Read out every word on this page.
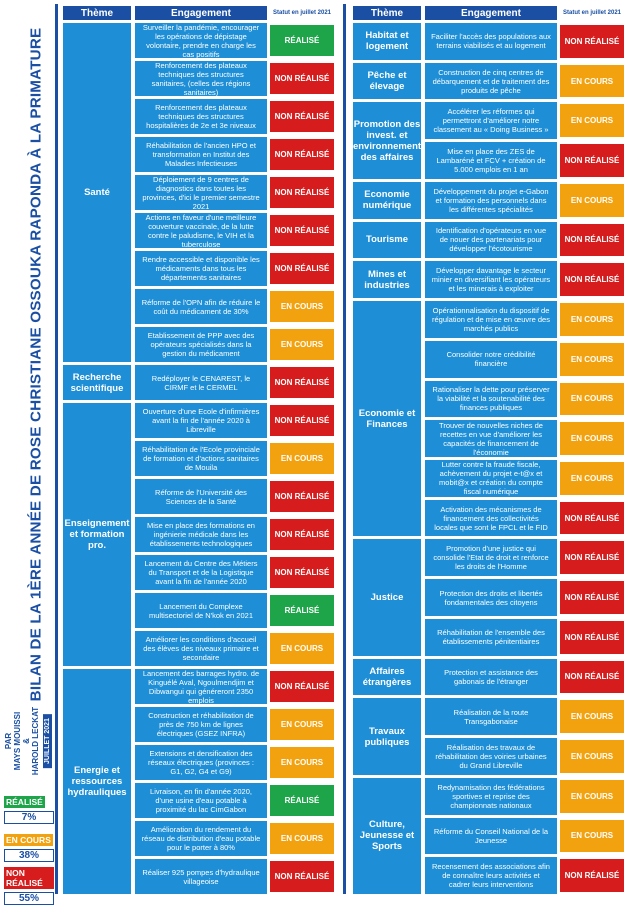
BILAN DE LA 1ÈRE ANNÉE DE ROSE CHRISTIANE OSSOUKA RAPONDA À LA PRIMATURE
PAR MAYS MOUISSI & HAROLD LECKAT JUILLET 2021
RÉALISÉ
7%
EN COURS
38%
NON RÉALISÉ
55%
Thème	Engagement	Statut en juillet 2021	Thème	Engagement	Statut en juillet 2021
Santé
Surveiller la pandémie, encourager les opérations de dépistage volontaire, prendre en charge les cas positifs
RÉALISÉ
Renforcement des plateaux techniques des structures sanitaires, (celles des régions sanitaires)
NON RÉALISÉ
Renforcement des plateaux techniques des structures hospitalières de 2e et 3e niveaux
NON RÉALISÉ
Réhabilitation de l'ancien HPO et transformation en Institut des Maladies Infectieuses
NON RÉALISÉ
Déploiement de 9 centres de diagnostics dans toutes les provinces, d'ici le premier semestre 2021
NON RÉALISÉ
Actions en faveur d'une meilleure couverture vaccinale, de la lutte contre le paludisme, le VIH et la tuberculose
NON RÉALISÉ
Rendre accessible et disponible les médicaments dans tous les départements sanitaires
NON RÉALISÉ
Réforme de l'OPN afin de réduire le coût du médicament de 30%	EN COURS
Etablissement de PPP avec des opérateurs spécialisés dans la gestion du médicament
EN COURS
Recherche scientifique
Redéployer le CENAREST, le CIRMF et le CERMEL	NON RÉALISÉ
Enseignement et formation pro.
Ouverture d'une Ecole d'infirmières avant la fin de l'année 2020 à Libreville
NON RÉALISÉ
Réhabilitation de l'Ecole provinciale de formation et d'actions sanitaires de Mouila
EN COURS
Réforme de l'Université des Sciences de la Santé	NON RÉALISÉ
Mise en place des formations en ingénierie médicale dans les établissements technologiques
NON RÉALISÉ
Lancement du Centre des Métiers du Transport et de la Logistique avant la fin de l'année 2020
NON RÉALISÉ
Lancement du Complexe multisectoriel de N'kok en 2021	RÉALISÉ
Améliorer les conditions d'accueil des élèves des niveaux primaire et secondaire
EN COURS
Energie et ressources hydrauliques
Lancement des barrages hydro. de Kinguélé Aval, Ngoulmendjim et Dibwangui qui généreront 2350 emplois
NON RÉALISÉ
Construction et réhabilitation de près de 750 km de lignes électriques (GSEZ INFRA)
EN COURS
Extensions et densification des réseaux électriques (provinces : G1, G2, G4 et G9)
EN COURS
Livraison, en fin d'année 2020, d'une usine d'eau potable à proximité du lac CimGabon
RÉALISÉ
Amélioration du rendement du réseau de distribution d'eau potable pour le porter à 80%
EN COURS
Réaliser 925 pompes d'hydraulique villageoise	NON RÉALISÉ
Habitat et logement
Faciliter l'accès des populations aux terrains viabilisés et au logement	NON RÉALISÉ
Pêche et élevage
Construction de cinq centres de débarquement et de traitement des produits de pêche
EN COURS
Promotion des invest. et environnement des affaires
Accélérer les réformes qui permettront d'améliorer notre classement au « Doing Business »
EN COURS
Mise en place des ZES de Lambaréné et FCV + création de 5.000 emplois en 1 an
NON RÉALISÉ
Economie numérique
Développement du projet e-Gabon et formation des personnels dans les différentes spécialités
EN COURS
Tourisme
Identification d'opérateurs en vue de nouer des partenariats pour développer l'écotourisme
NON RÉALISÉ
Mines et industries
Développer davantage le secteur minier en diversifiant les opérateurs et les minerais à exploiter
NON RÉALISÉ
Economie et Finances
Opérationnalisation du dispositif de régulation et de mise en œuvre des marchés publics
EN COURS
Consolider notre crédibilité financière	EN COURS
Rationaliser la dette pour préserver la viabilité et la soutenabilité des finances publiques
EN COURS
Trouver de nouvelles niches de recettes en vue d'améliorer les capacités de financement de l'économie
EN COURS
Lutter contre la fraude fiscale, achèvement du projet e-t@x et mobit@x et création du compte fiscal numérique
EN COURS
Activation des mécanismes de financement des collectivités locales que sont le FPCL et le FID
NON RÉALISÉ
Justice
Promotion d'une justice qui consolide l'Etat de droit et renforce les droits de l'Homme
NON RÉALISÉ
Protection des droits et libertés fondamentales des citoyens	NON RÉALISÉ
Réhabilitation de l'ensemble des établissements pénitentiaires	NON RÉALISÉ
Affaires étrangères
Protection et assistance des gabonais de l'étranger	NON RÉALISÉ
Travaux publiques
Réalisation de la route Transgabonaise	EN COURS
Réalisation des travaux de réhabilitation des voiries urbaines du Grand Libreville
EN COURS
Culture, Jeunesse et Sports
Redynamisation des fédérations sportives et reprise des championnats nationaux
EN COURS
Réforme du Conseil National de la Jeunesse	EN COURS
Recensement des associations afin de connaître leurs activités et cadrer leurs interventions
NON RÉALISÉ
